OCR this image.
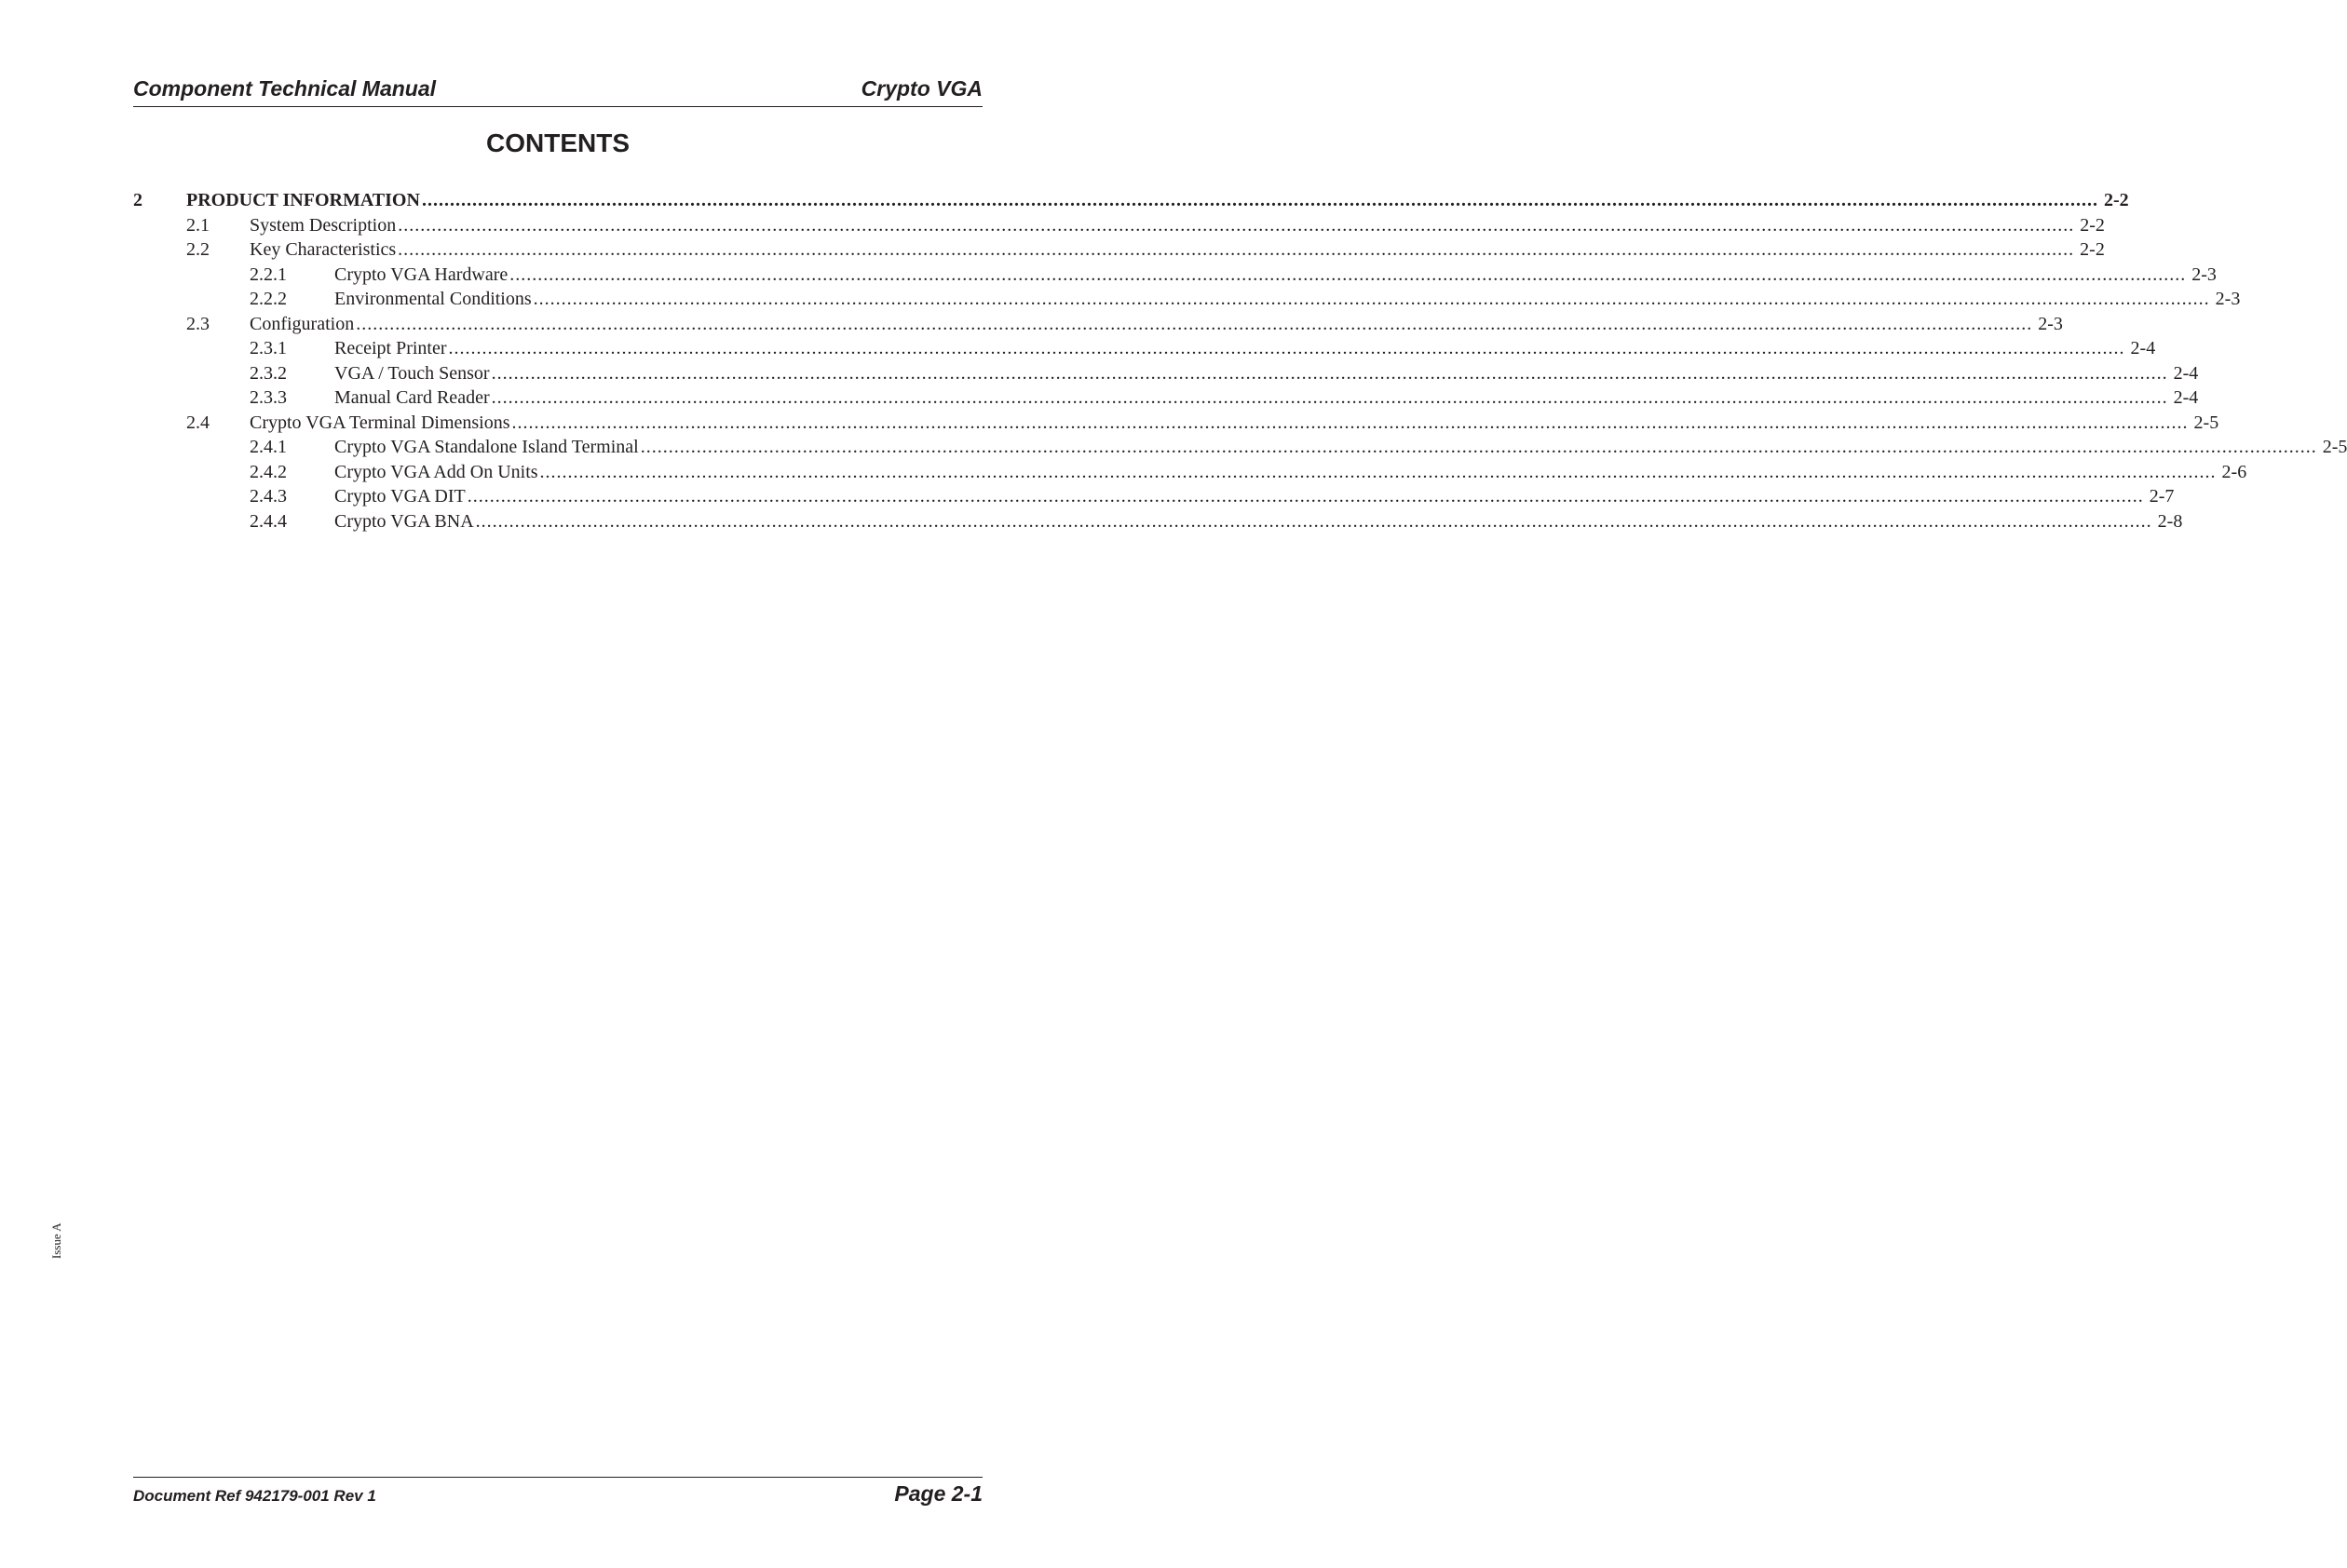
Component Technical Manual	Crypto VGA
CONTENTS
2 PRODUCT INFORMATION ............................................................................................................................................................................................................................................................................................................ 2-2
2.1 System Description ............................................................................................................................................................................................................................................................................................................ 2-2
2.2 Key Characteristics ............................................................................................................................................................................................................................................................................................................ 2-2
2.2.1	Crypto VGA Hardware ............................................................................................................................................................................................................................................................................................................ 2-3
2.2.2	Environmental Conditions ............................................................................................................................................................................................................................................................................................................ 2-3
2.3 Configuration ............................................................................................................................................................................................................................................................................................................ 2-3
2.3.1	Receipt Printer ............................................................................................................................................................................................................................................................................................................ 2-4
2.3.2	VGA / Touch Sensor ............................................................................................................................................................................................................................................................................................................ 2-4
2.3.3	Manual Card Reader ............................................................................................................................................................................................................................................................................................................ 2-4
2.4 Crypto VGA Terminal Dimensions ............................................................................................................................................................................................................................................................................................................ 2-5
2.4.1	Crypto VGA Standalone Island Terminal ............................................................................................................................................................................................................................................................................................................ 2-5
2.4.2	Crypto VGA Add On Units ............................................................................................................................................................................................................................................................................................................ 2-6
2.4.3	Crypto VGA DIT ............................................................................................................................................................................................................................................................................................................ 2-7
2.4.4	Crypto VGA BNA ............................................................................................................................................................................................................................................................................................................ 2-8
Issue A
Document Ref 942179-001 Rev 1	Page 2-1
